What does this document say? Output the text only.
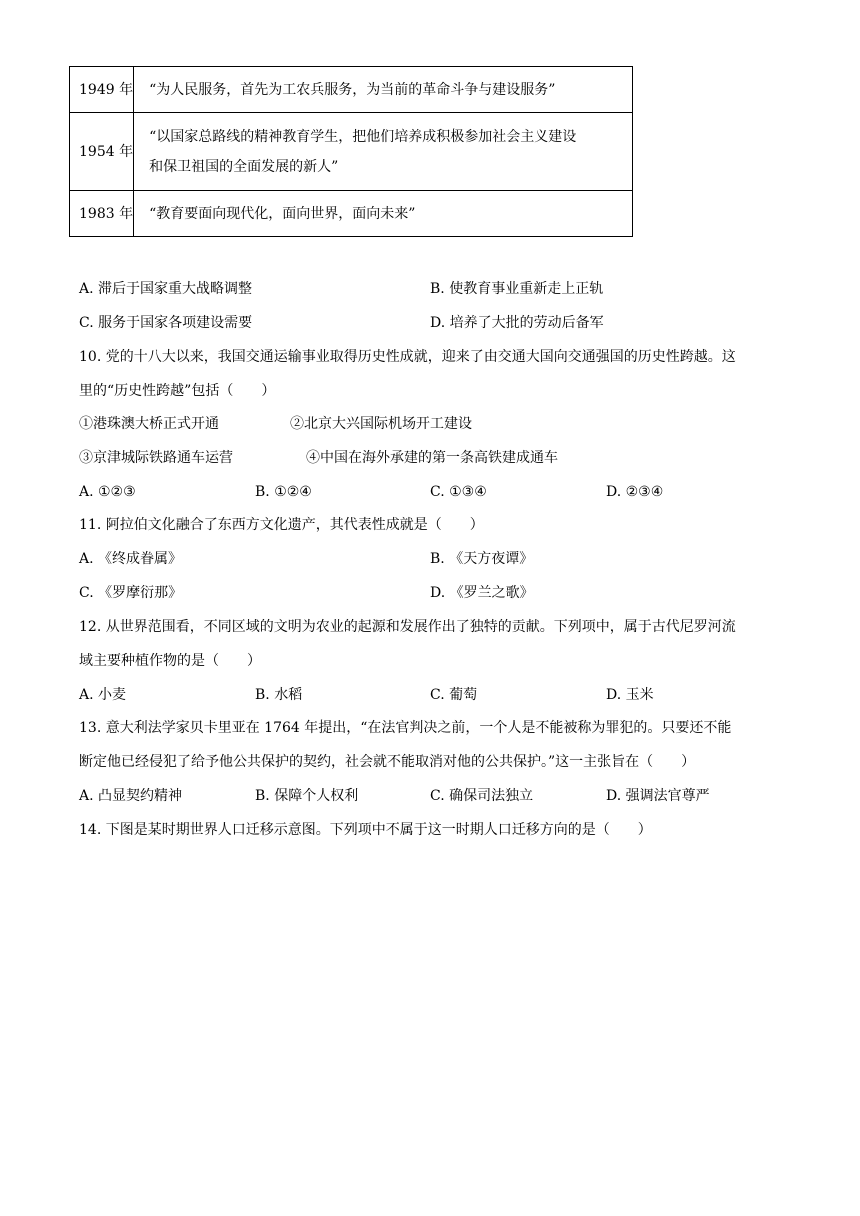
1949 年	“为人民服务，首先为工农兵服务，为当前的革命斗争与建设服务”
1954 年	“以国家总路线的精神教育学生，把他们培养成积极参加社会主义建设
和保卫祖国的全面发展的新人”

1983 年	“教育要面向现代化，面向世界，面向未来”
A. 滞后于国家重大战略调整	B. 使教育事业重新走上正轨
C. 服务于国家各项建设需要	D. 培养了大批的劳动后备军
10. 党的十八大以来，我国交通运输事业取得历史性成就，迎来了由交通大国向交通强国的历史性跨越。这
里的“历史性跨越”包括（　　）
①港珠澳大桥正式开通	②北京大兴国际机场开工建设
③京津城际铁路通车运营	④中国在海外承建的第一条高铁建成通车
A. ①②③	B. ①②④	C. ①③④	D. ②③④
11. 阿拉伯文化融合了东西方文化遗产，其代表性成就是（　　）
A. 《终成眷属》	B. 《天方夜谭》
C. 《罗摩衍那》	D. 《罗兰之歌》
12. 从世界范围看，不同区域的文明为农业的起源和发展作出了独特的贡献。下列项中，属于古代尼罗河流
域主要种植作物的是（　　）
A. 小麦	B. 水稻	C. 葡萄	D. 玉米
13. 意大利法学家贝卡里亚在 1764 年提出，“在法官判决之前，一个人是不能被称为罪犯的。只要还不能
断定他已经侵犯了给予他公共保护的契约，社会就不能取消对他的公共保护。”这一主张旨在（　　）
A. 凸显契约精神	B. 保障个人权利	C. 确保司法独立	D. 强调法官尊严
14. 下图是某时期世界人口迁移示意图。下列项中不属于这一时期人口迁移方向的是（　　）
